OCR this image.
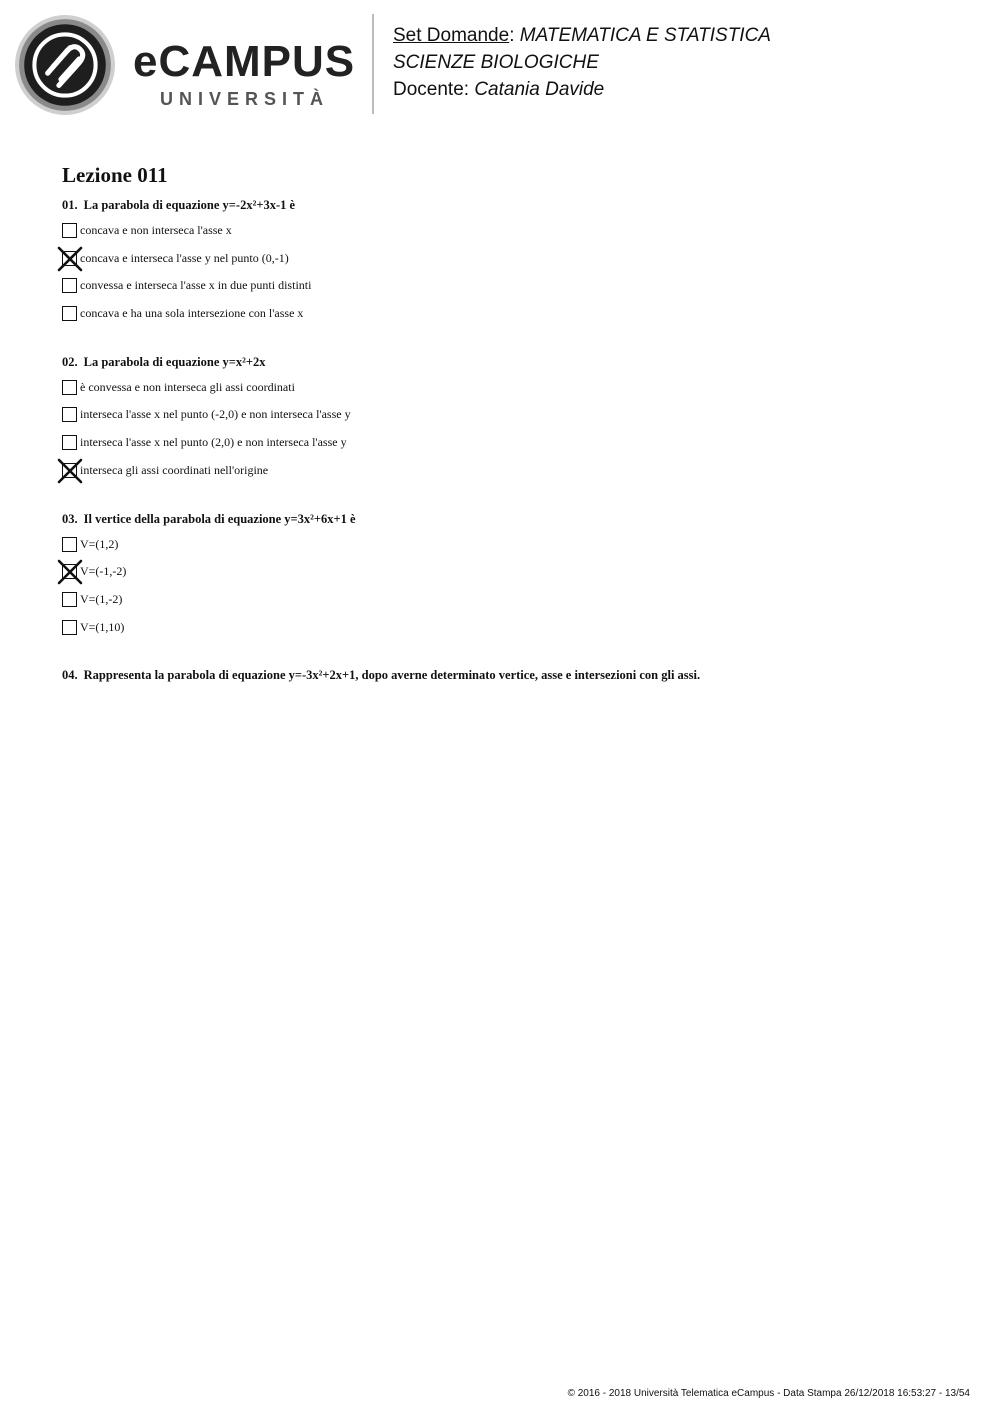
eCAMPUS
UNIVERSITÀ
Set Domande: MATEMATICA E STATISTICA
SCIENZE BIOLOGICHE
Docente: Catania Davide
Lezione 011

01. La parabola di equazione y=-2x²+3x-1 è

concava e non interseca l'asse x
concava e interseca l'asse y nel punto (0,-1)
convessa e interseca l'asse x in due punti distinti
concava e ha una sola intersezione con l'asse x

02. La parabola di equazione y=x²+2x

è convessa e non interseca gli assi coordinati
interseca l'asse x nel punto (-2,0) e non interseca l'asse y
interseca l'asse x nel punto (2,0) e non interseca l'asse y
interseca gli assi coordinati nell'origine

03. Il vertice della parabola di equazione y=3x²+6x+1 è

V=(1,2)
V=(-1,-2)
V=(1,-2)
V=(1,10)

04. Rappresenta la parabola di equazione y=-3x²+2x+1, dopo averne determinato vertice, asse e intersezioni con gli assi.

© 2016 - 2018 Università Telematica eCampus - Data Stampa 26/12/2018 16:53:27 - 13/54
